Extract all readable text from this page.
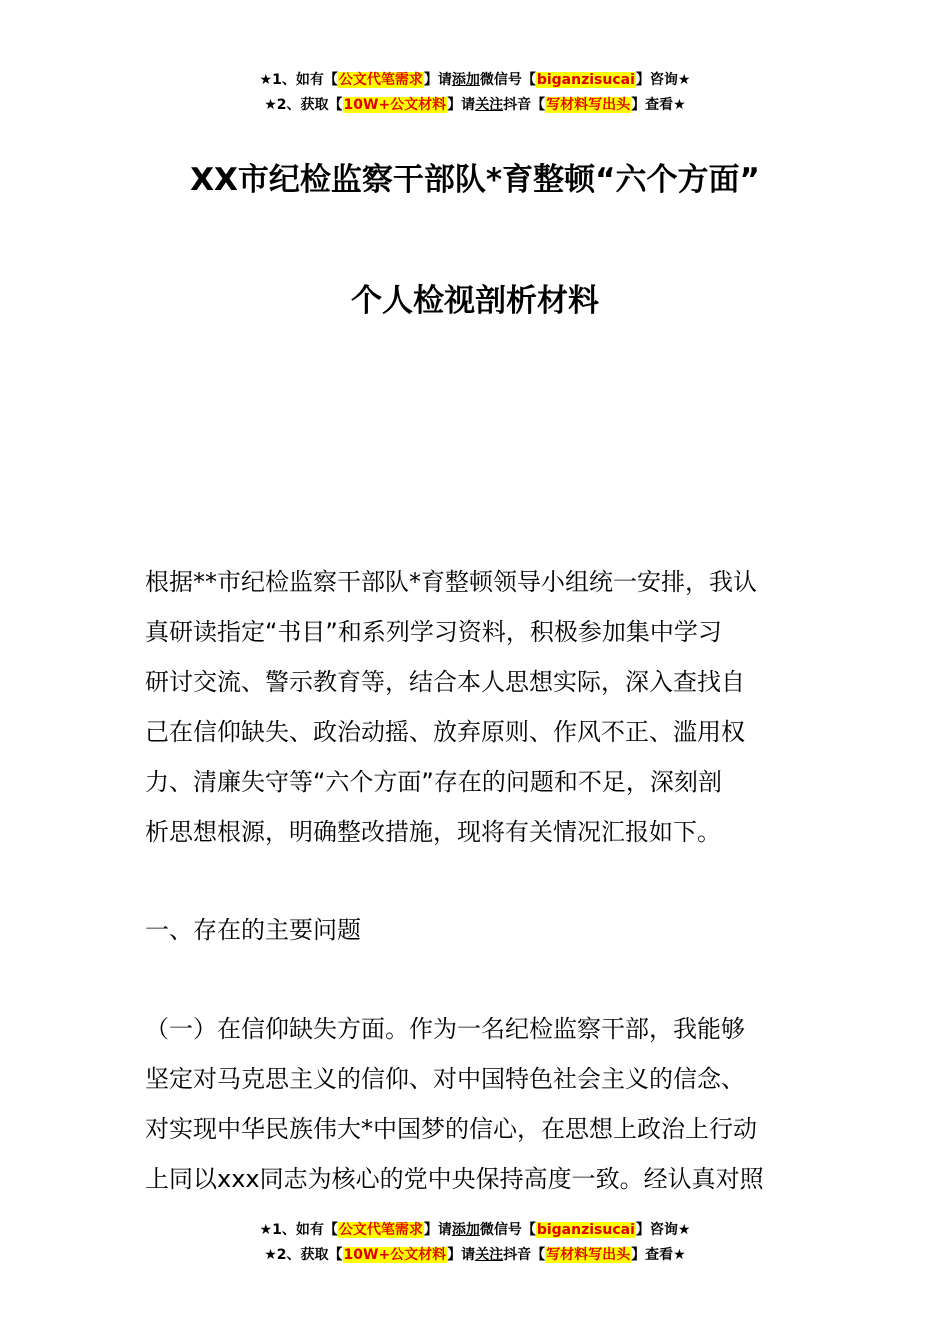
★1、如有【公文代笔需求】请添加微信号【biganzisucai】咨询★
★2、获取【10W+公文材料】请关注抖音【写材料写出头】查看★
XX市纪检监察干部队*育整顿“六个方面”
个人检视剖析材料
根据**市纪检监察干部队*育整顿领导小组统一安排，我认
真研读指定“书目”和系列学习资料，积极参加集中学习
研讨交流、警示教育等，结合本人思想实际，深入查找自
己在信仰缺失、政治动摇、放弃原则、作风不正、滥用权
力、清廉失守等“六个方面”存在的问题和不足，深刻剖
析思想根源，明确整改措施，现将有关情况汇报如下。
一、存在的主要问题
（一）在信仰缺失方面。作为一名纪检监察干部，我能够
坚定对马克思主义的信仰、对中国特色社会主义的信念、
对实现中华民族伟大*中国梦的信心，在思想上政治上行动
上同以xxx同志为核心的党中央保持高度一致。经认真对照
★1、如有【公文代笔需求】请添加微信号【biganzisucai】咨询★
★2、获取【10W+公文材料】请关注抖音【写材料写出头】查看★
